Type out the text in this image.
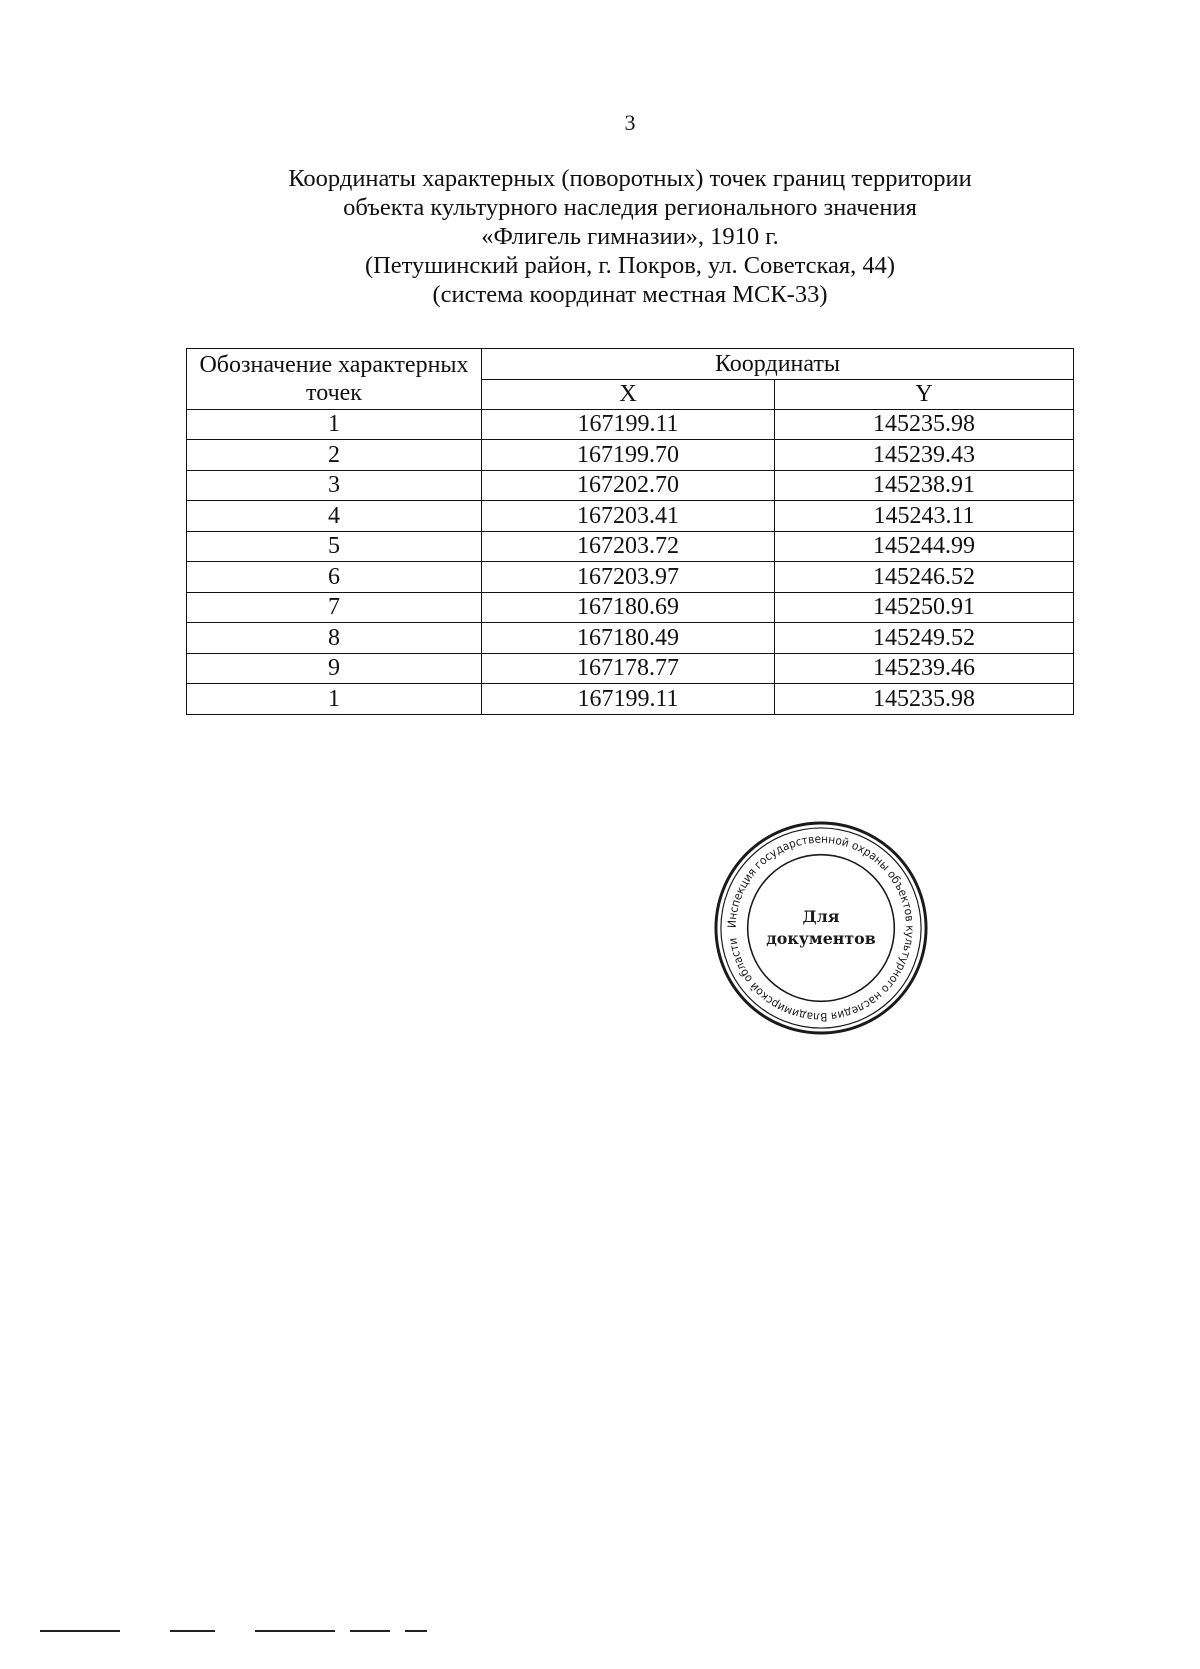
3
Координаты характерных (поворотных) точек границ территории
объекта культурного наследия регионального значения
«Флигель гимназии», 1910 г.
(Петушинский район, г. Покров, ул. Советская, 44)
(система координат местная МСК-33)
Обозначение характерных точек	Координаты	
	X	Y
1	167199.11	145235.98
2	167199.70	145239.43
3	167202.70	145238.91
4	167203.41	145243.11
5	167203.72	145244.99
6	167203.97	145246.52
7	167180.69	145250.91
8	167180.49	145249.52
9	167178.77	145239.46
1	167199.11	145235.98
Инспекция государственной охраны объектов культурного наследия Владимирской области
Для
документов
